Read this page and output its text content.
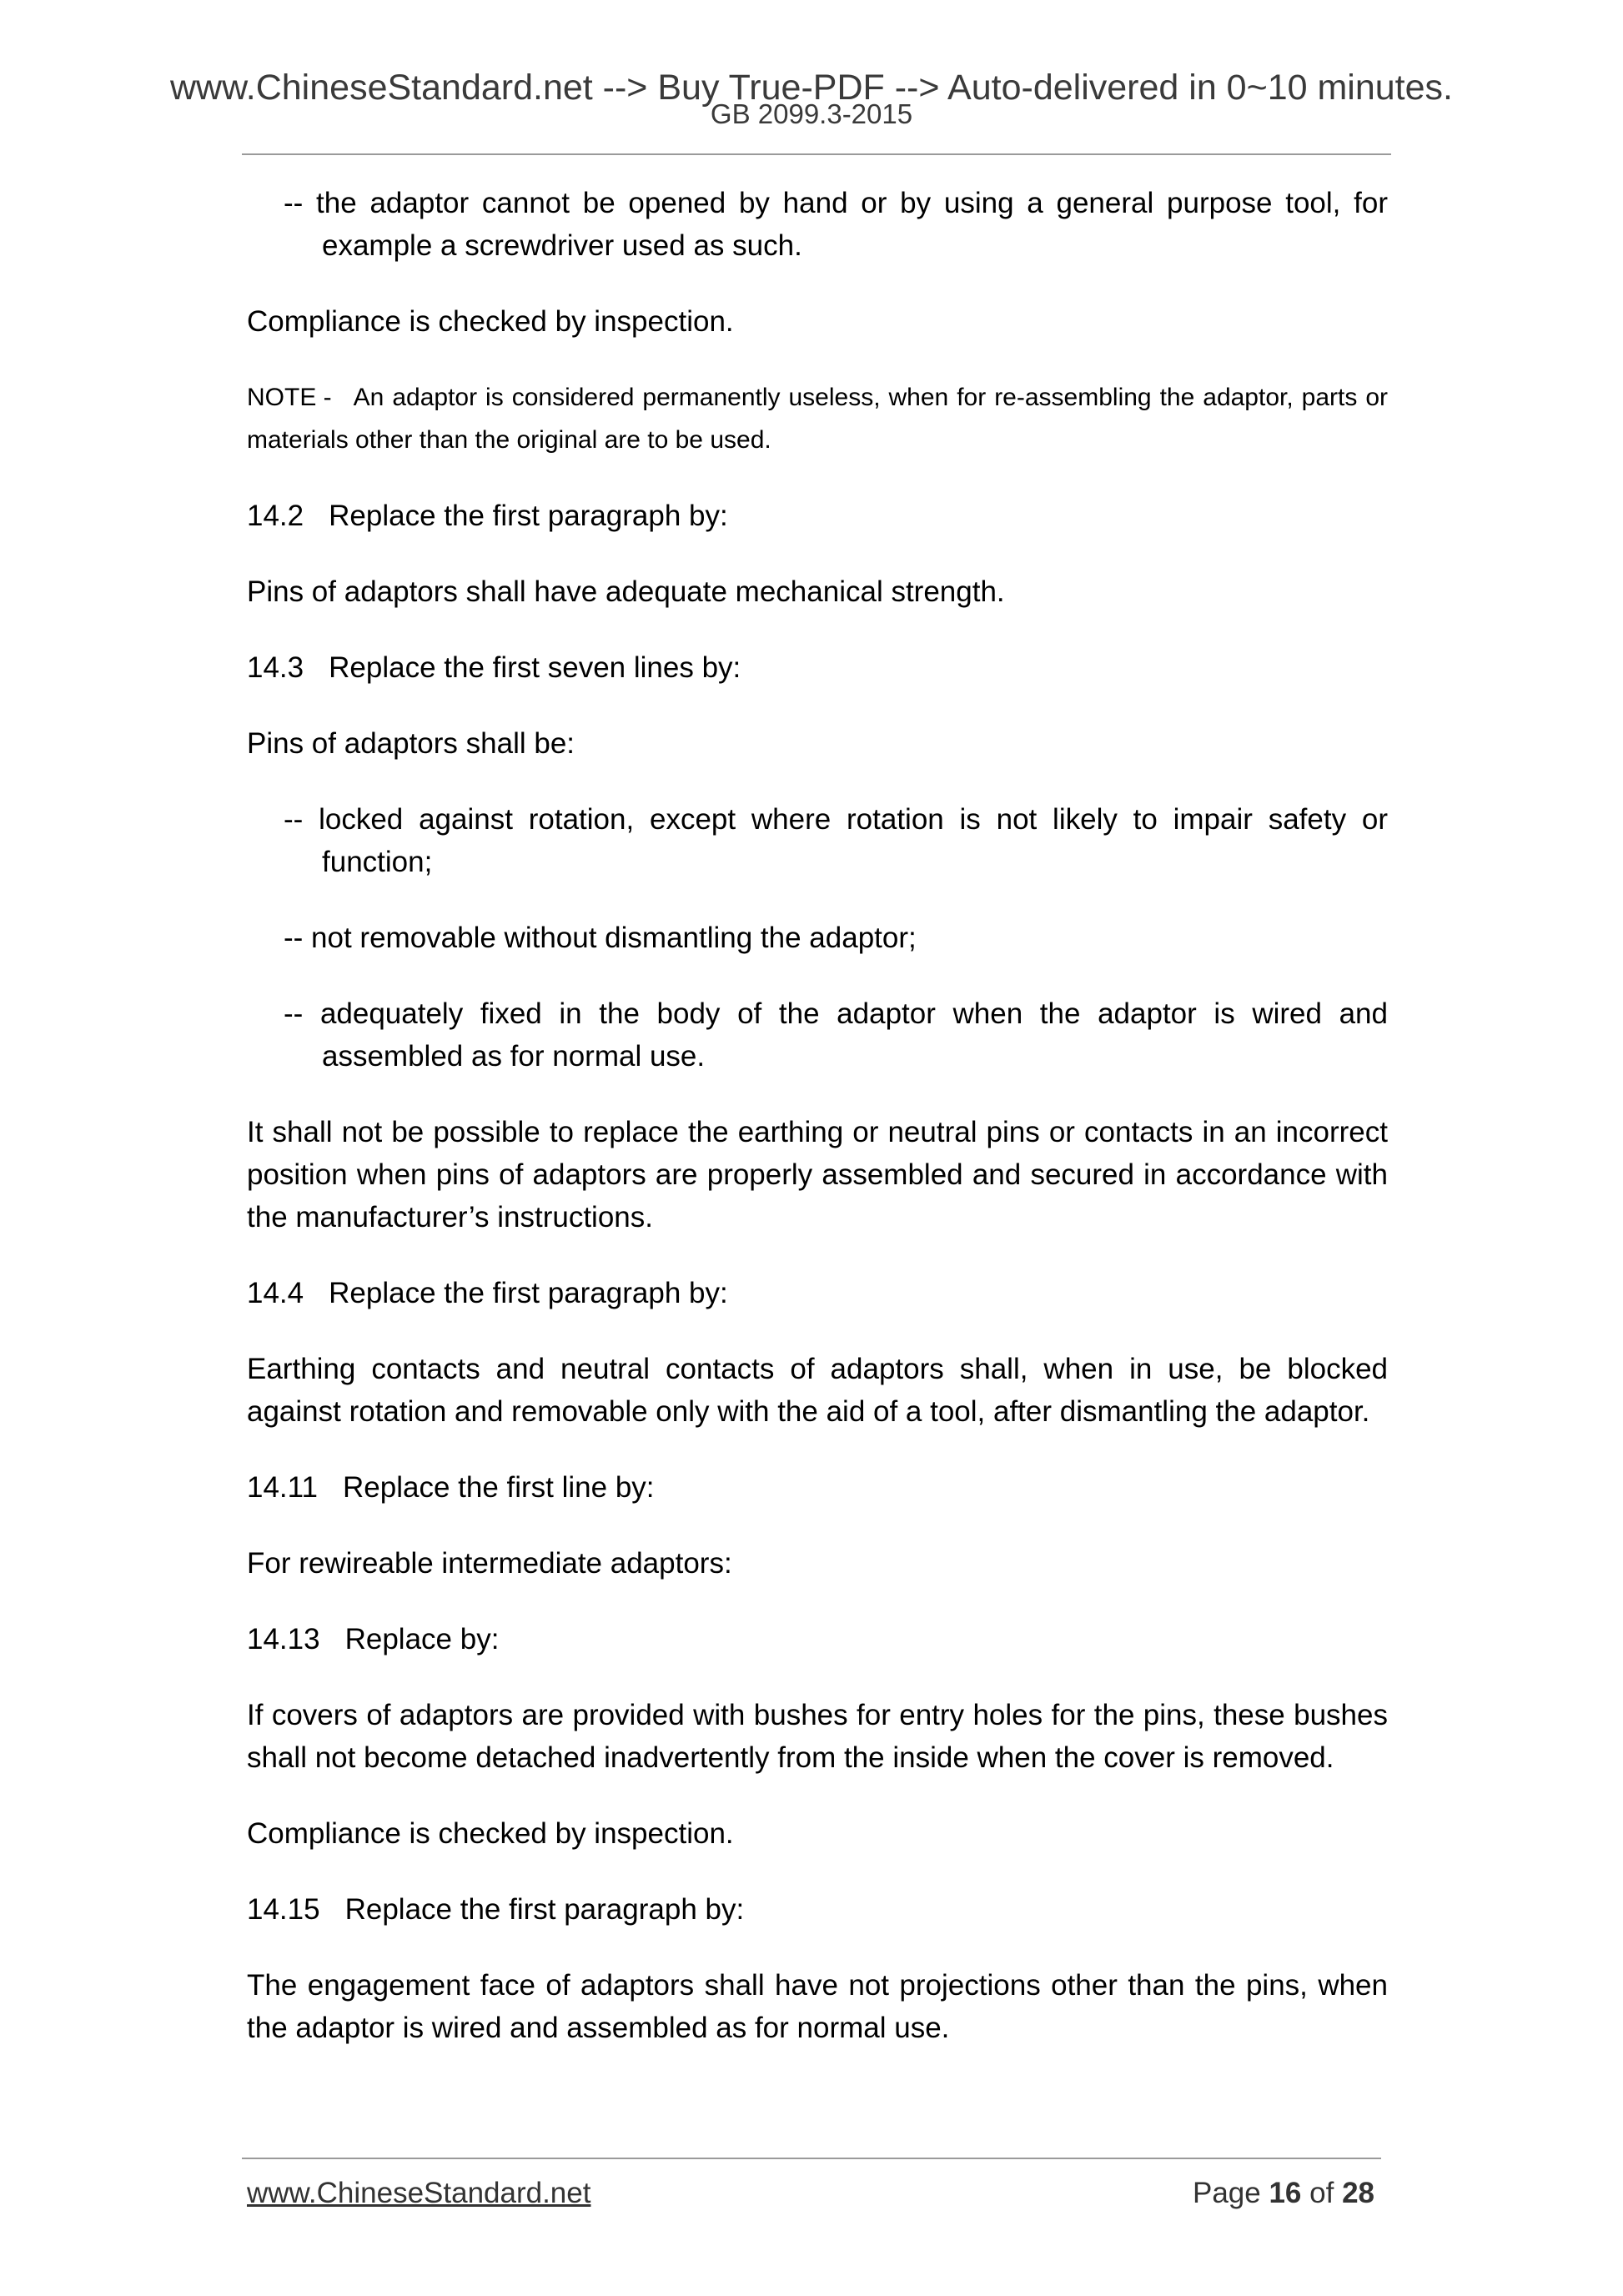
www.ChineseStandard.net --> Buy True-PDF --> Auto-delivered in 0~10 minutes.
GB 2099.3-2015

-- the adaptor cannot be opened by hand or by using a general purpose tool, for example a screwdriver used as such.

Compliance is checked by inspection.

NOTE - An adaptor is considered permanently useless, when for re-assembling the adaptor, parts or materials other than the original are to be used.

14.2 Replace the first paragraph by:

Pins of adaptors shall have adequate mechanical strength.

14.3 Replace the first seven lines by:

Pins of adaptors shall be:

-- locked against rotation, except where rotation is not likely to impair safety or function;

-- not removable without dismantling the adaptor;

-- adequately fixed in the body of the adaptor when the adaptor is wired and assembled as for normal use.

It shall not be possible to replace the earthing or neutral pins or contacts in an incorrect position when pins of adaptors are properly assembled and secured in accordance with the manufacturer’s instructions.

14.4 Replace the first paragraph by:

Earthing contacts and neutral contacts of adaptors shall, when in use, be blocked against rotation and removable only with the aid of a tool, after dismantling the adaptor.

14.11 Replace the first line by:

For rewireable intermediate adaptors:

14.13 Replace by:

If covers of adaptors are provided with bushes for entry holes for the pins, these bushes shall not become detached inadvertently from the inside when the cover is removed.

Compliance is checked by inspection.

14.15 Replace the first paragraph by:

The engagement face of adaptors shall have not projections other than the pins, when the adaptor is wired and assembled as for normal use.

www.ChineseStandard.net	Page 16 of 28
